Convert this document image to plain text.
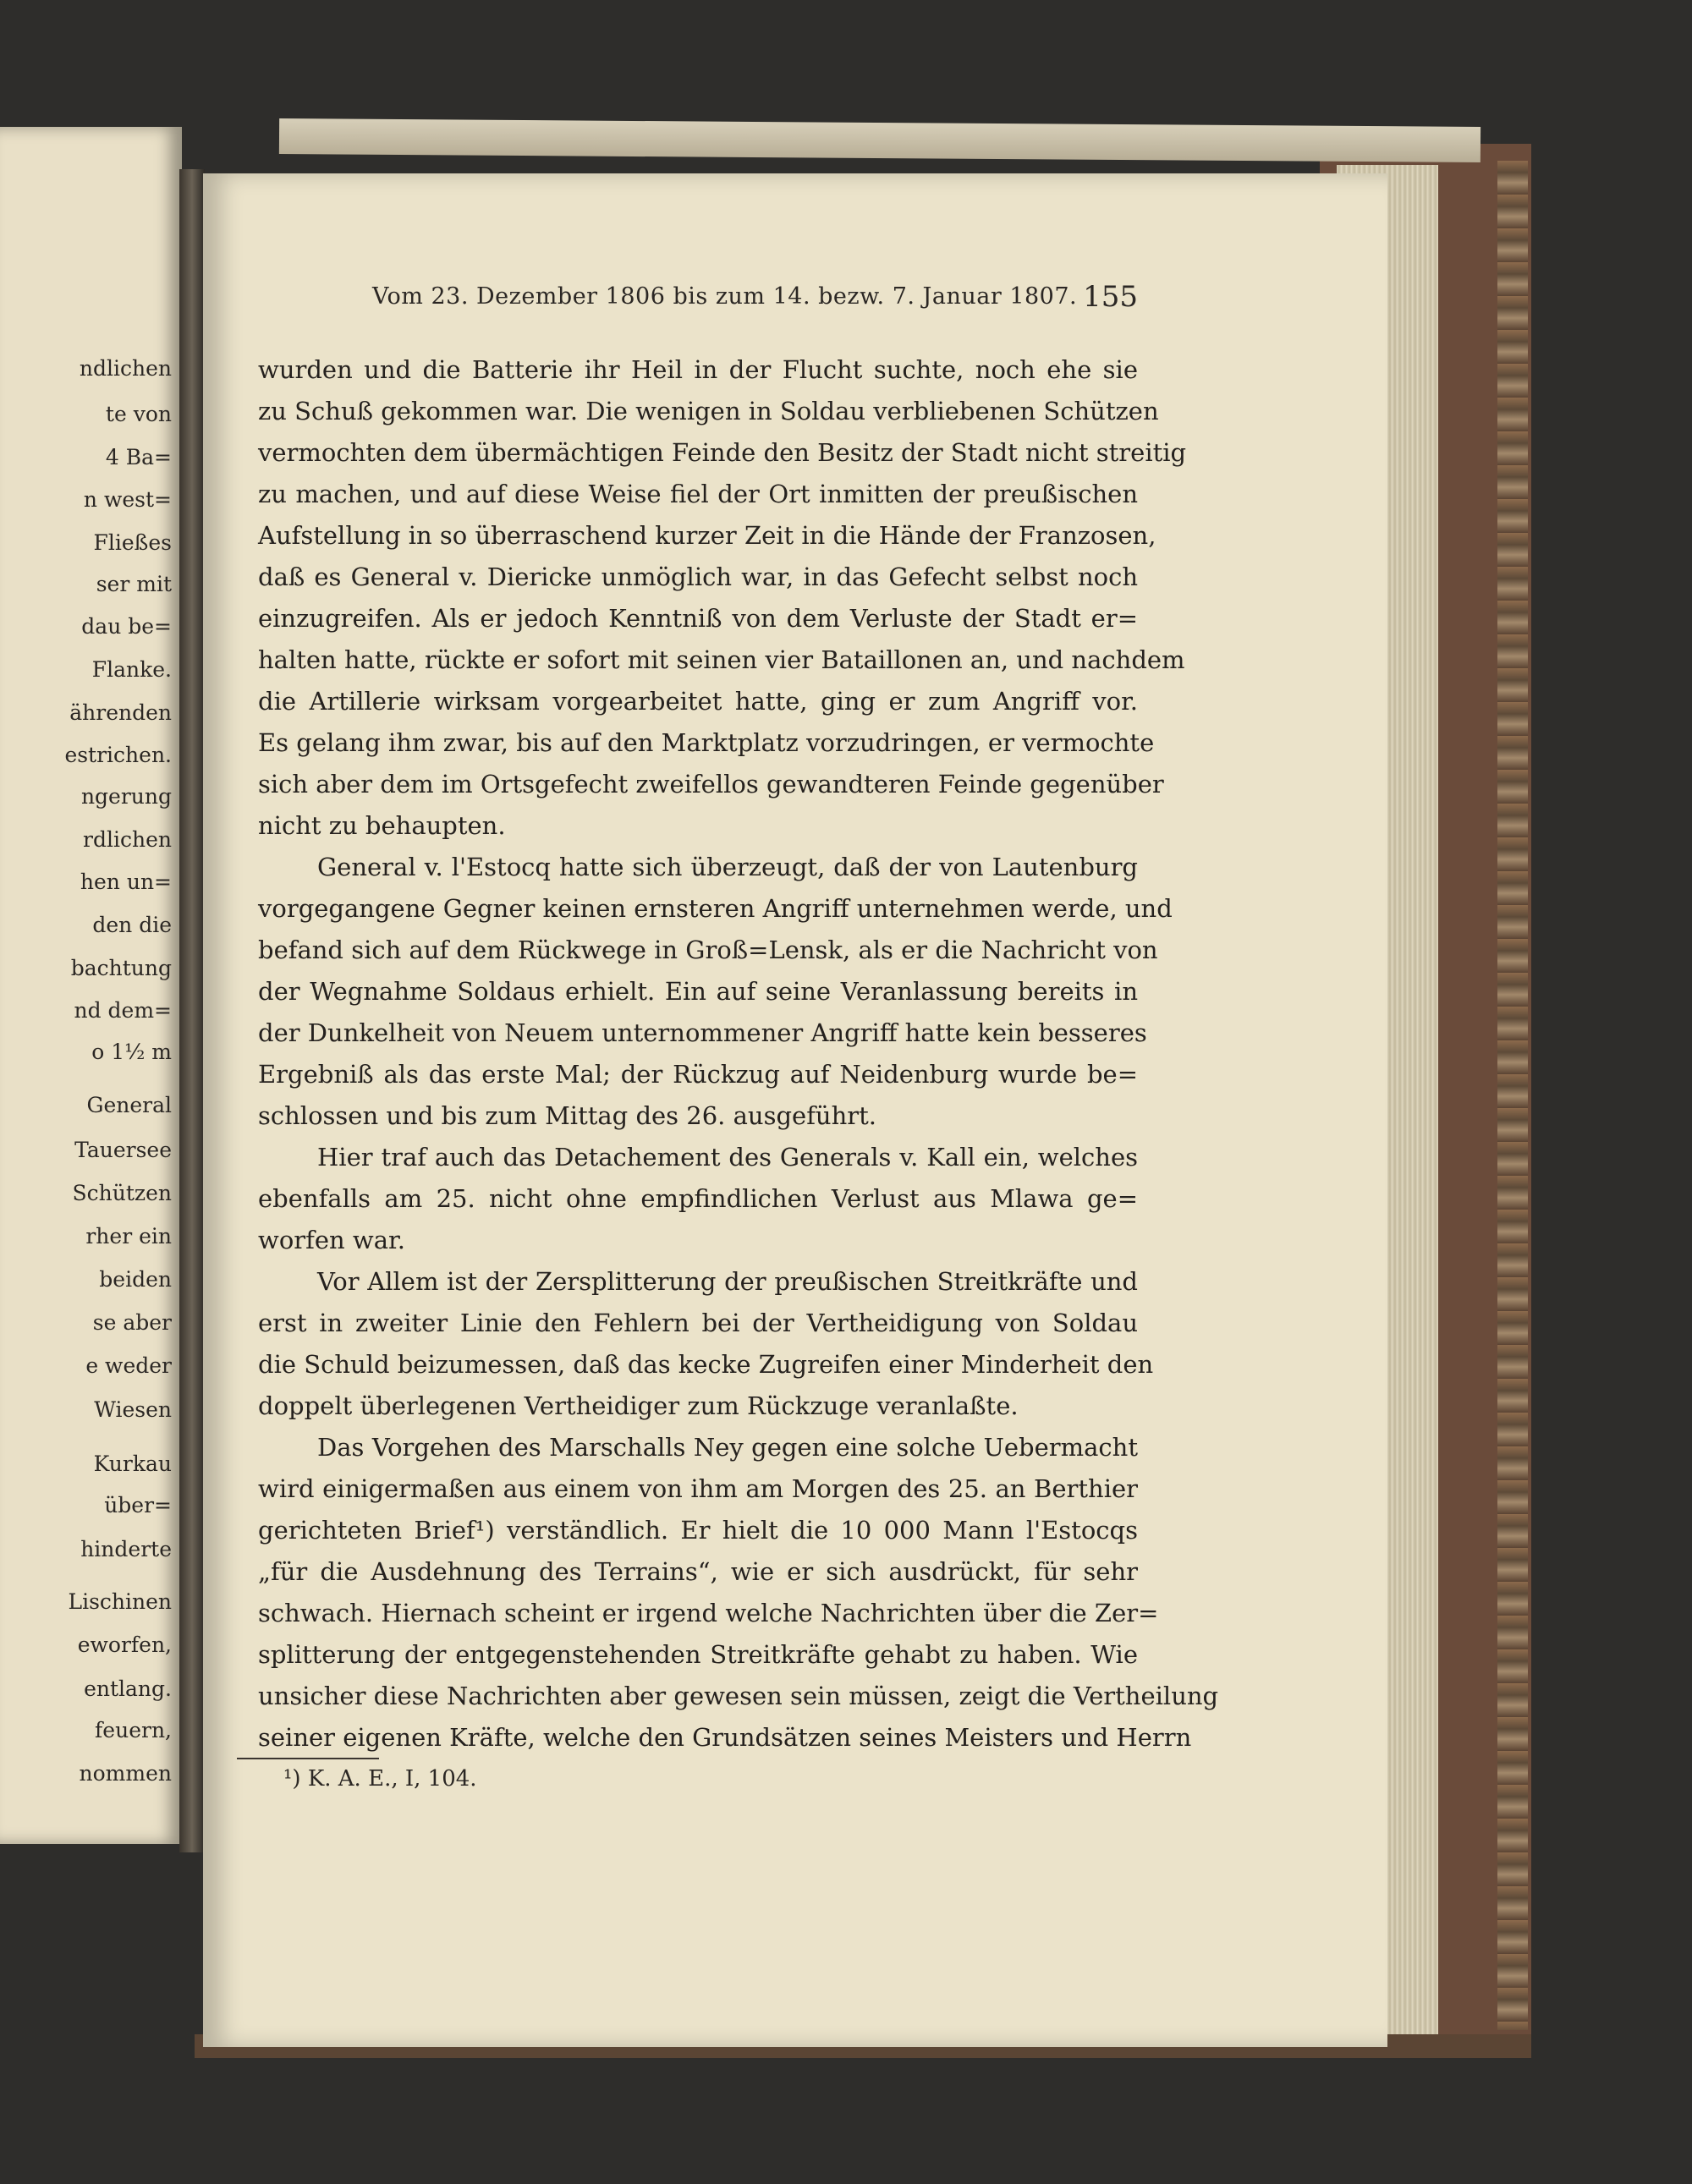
ndlichen
te von
4 Ba=
n west=
Fließes
ser mit
dau be=
Flanke.
ährenden
estrichen.
ngerung
rdlichen
hen un=
den die
bachtung
nd dem=
o 1½ m
General
Tauersee
Schützen
rher ein
beiden
se aber
e weder
Wiesen
Kurkau
über=
hinderte
Lischinen
eworfen,
entlang.
feuern,
nommen
Vom 23. Dezember 1806 bis zum 14. bezw. 7. Januar 1807. 155
wurden und die Batterie ihr Heil in der Flucht suchte, noch ehe sie
zu Schuß gekommen war. Die wenigen in Soldau verbliebenen Schützen
vermochten dem übermächtigen Feinde den Besitz der Stadt nicht streitig
zu machen, und auf diese Weise fiel der Ort inmitten der preußischen
Aufstellung in so überraschend kurzer Zeit in die Hände der Franzosen,
daß es General v. Diericke unmöglich war, in das Gefecht selbst noch
einzugreifen. Als er jedoch Kenntniß von dem Verluste der Stadt er=
halten hatte, rückte er sofort mit seinen vier Bataillonen an, und nachdem
die Artillerie wirksam vorgearbeitet hatte, ging er zum Angriff vor.
Es gelang ihm zwar, bis auf den Marktplatz vorzudringen, er vermochte
sich aber dem im Ortsgefecht zweifellos gewandteren Feinde gegenüber
nicht zu behaupten.
General v. l'Estocq hatte sich überzeugt, daß der von Lautenburg
vorgegangene Gegner keinen ernsteren Angriff unternehmen werde, und
befand sich auf dem Rückwege in Groß=Lensk, als er die Nachricht von
der Wegnahme Soldaus erhielt. Ein auf seine Veranlassung bereits in
der Dunkelheit von Neuem unternommener Angriff hatte kein besseres
Ergebniß als das erste Mal; der Rückzug auf Neidenburg wurde be=
schlossen und bis zum Mittag des 26. ausgeführt.
Hier traf auch das Detachement des Generals v. Kall ein, welches
ebenfalls am 25. nicht ohne empfindlichen Verlust aus Mlawa ge=
worfen war.
Vor Allem ist der Zersplitterung der preußischen Streitkräfte und
erst in zweiter Linie den Fehlern bei der Vertheidigung von Soldau
die Schuld beizumessen, daß das kecke Zugreifen einer Minderheit den
doppelt überlegenen Vertheidiger zum Rückzuge veranlaßte.
Das Vorgehen des Marschalls Ney gegen eine solche Uebermacht
wird einigermaßen aus einem von ihm am Morgen des 25. an Berthier
gerichteten Brief¹) verständlich. Er hielt die 10 000 Mann l'Estocqs
„für die Ausdehnung des Terrains“, wie er sich ausdrückt, für sehr
schwach. Hiernach scheint er irgend welche Nachrichten über die Zer=
splitterung der entgegenstehenden Streitkräfte gehabt zu haben. Wie
unsicher diese Nachrichten aber gewesen sein müssen, zeigt die Vertheilung
seiner eigenen Kräfte, welche den Grundsätzen seines Meisters und Herrn
¹) K. A. E., I, 104.
